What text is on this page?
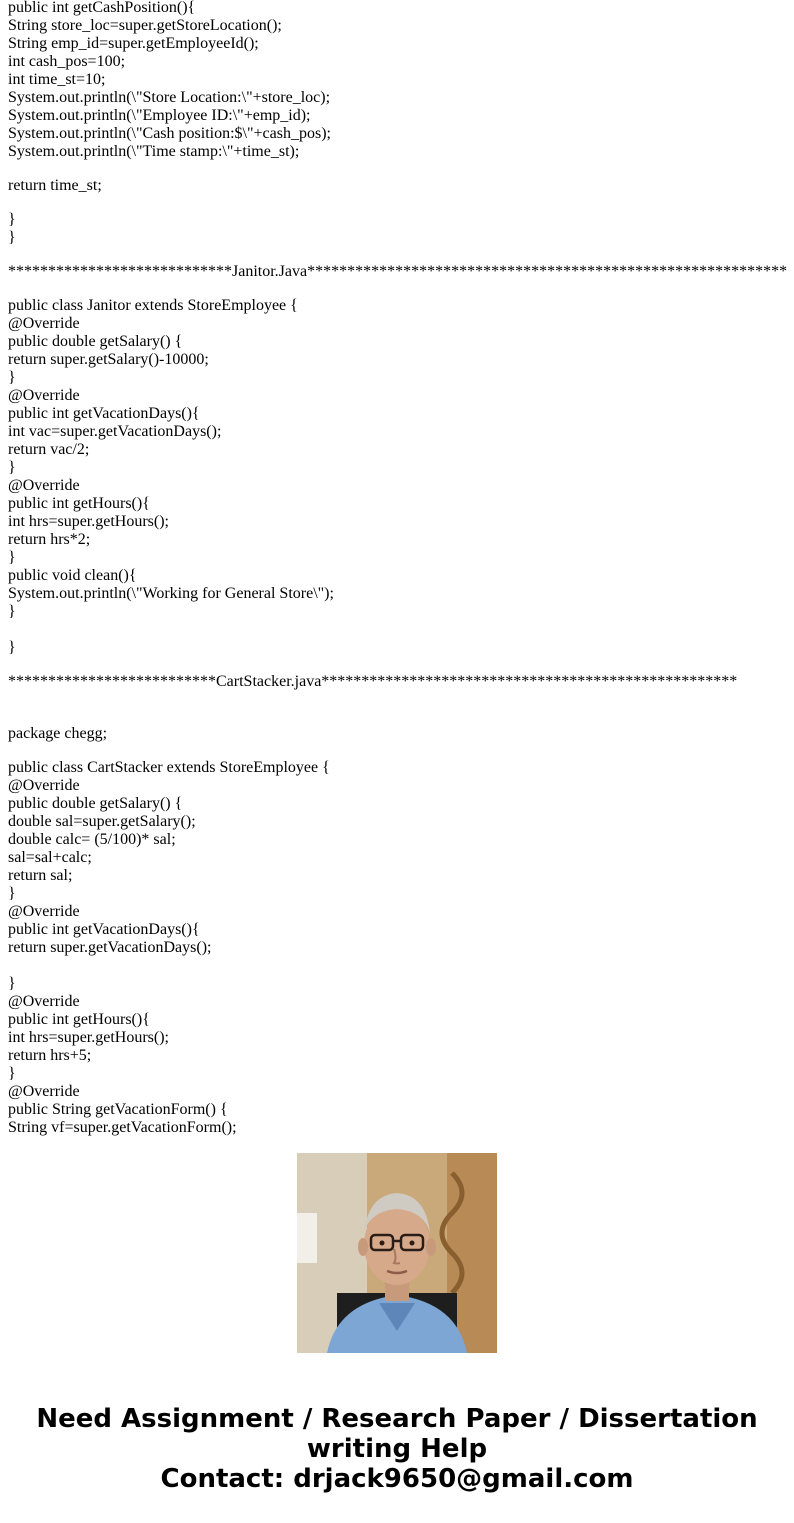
public int getCashPosition(){
String store_loc=super.getStoreLocation();
String emp_id=super.getEmployeeId();
int cash_pos=100;
int time_st=10;
System.out.println(\"Store Location:\"+store_loc);
System.out.println(\"Employee ID:\"+emp_id);
System.out.println(\"Cash position:$\"+cash_pos);
System.out.println(\"Time stamp:\"+time_st);
return time_st;
}
}
****************************Janitor.Java************************************************************
public class Janitor extends StoreEmployee {
@Override
public double getSalary() {
return super.getSalary()-10000;
}
@Override
public int getVacationDays(){
int vac=super.getVacationDays();
return vac/2;
}
@Override
public int getHours(){
int hrs=super.getHours();
return hrs*2;
}
public void clean(){
System.out.println(\"Working for General Store\");
}
}
**************************CartStacker.java****************************************************
package chegg;
public class CartStacker extends StoreEmployee {
@Override
public double getSalary() {
double sal=super.getSalary();
double calc= (5/100)* sal;
sal=sal+calc;
return sal;
}
@Override
public int getVacationDays(){
return super.getVacationDays();
}
@Override
public int getHours(){
int hrs=super.getHours();
return hrs+5;
}
@Override
public String getVacationForm() {
String vf=super.getVacationForm();
Need Assignment / Research Paper / Dissertation
writing Help
Contact: drjack9650@gmail.com
